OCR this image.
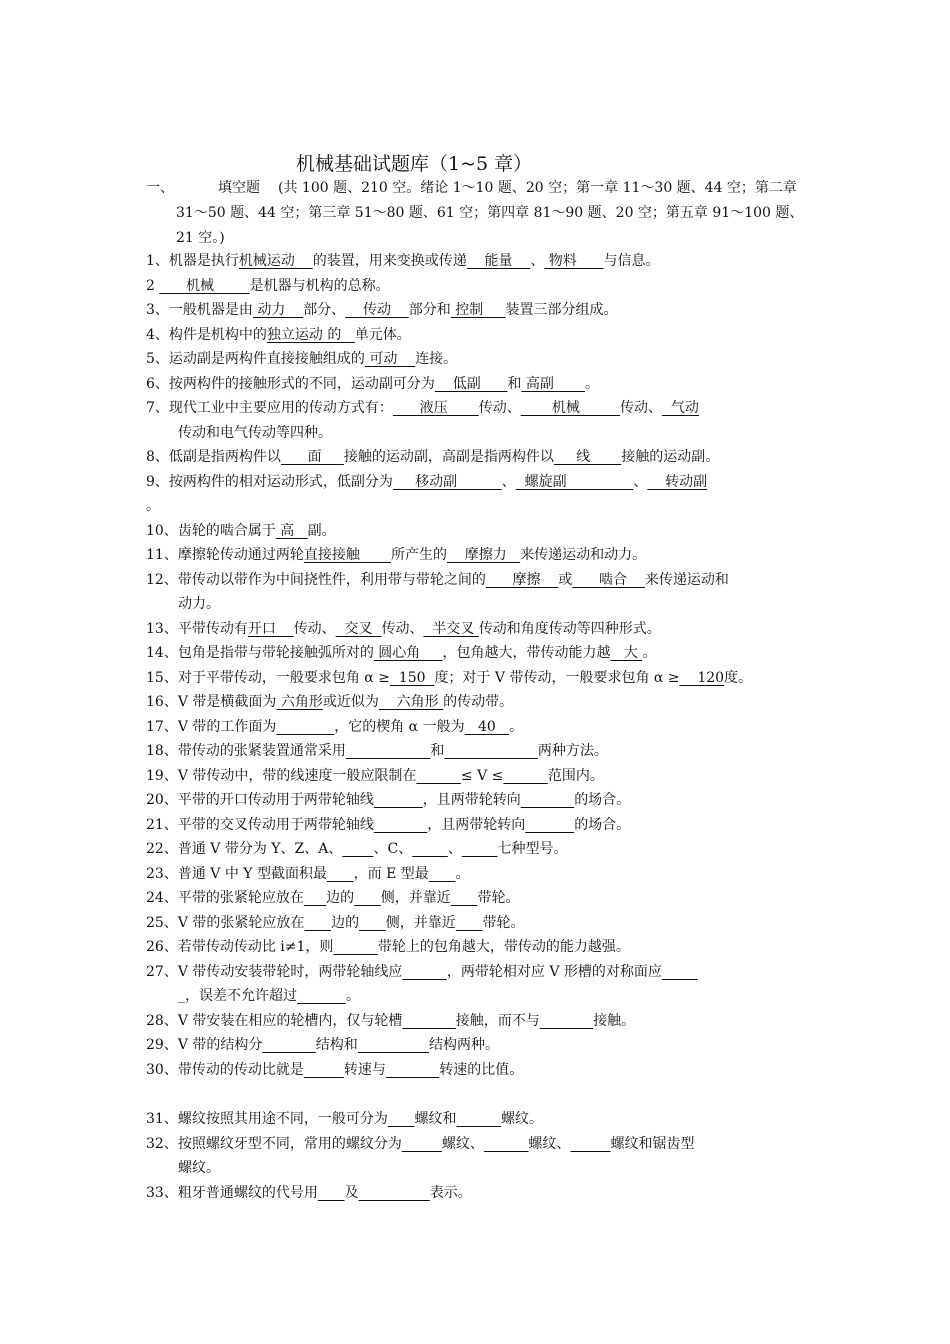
机械基础试题库（1~5 章）
一、	填空题 (共 100 题、210 空。绪论 1～10 题、20 空；第一章 11～30 题、44 空；第二章
31～50 题、44 空；第三章 51～80 题、61 空；第四章 81～90 题、20 空；第五章 91～100 题、
21 空。)
1、机器是执行机械运动    的装置，用来变换或传递    能量    、 物料      与信息。
2       机械        是机器与机构的总称。
3、一般机器是由 动力    部分、    传动    部分和 控制     装置三部分组成。
4、构件是机构中的独立运动 的   单元体。
5、运动副是两构件直接接触组成的 可动    连接。
6、按两构件的接触形式的不同，运动副可分为    低副      和 高副       。
7、现代工业中主要应用的传动方式有：      液压       传动、       机械         传动、  气动
传动和电气传动等四种。
8、低副是指两构件以      面     接触的运动副，高副是指两构件以     线       接触的运动副。
9、按两构件的相对运动形式，低副分为     移动副          、  螺旋副               、    转动副
。
10、齿轮的啮合属于 高   副。
11、摩擦轮传动通过两轮直接接触       所产生的    摩擦力   来传递运动和动力。
12、带传动以带作为中间挠性件，利用带与带轮之间的      摩擦    或      啮合    来传递运动和
动力。
13、平带传动有开口    传动、  交叉  传动、  半交叉 传动和角度传动等四种形式。
14、包角是指带与带轮接触弧所对的 圆心角     ，包角越大，带传动能力越   大 。
15、对于平带传动，一般要求包角 α ≥  150  度；对于 V 带传动，一般要求包角 α ≥    120度。
16、V 带是横截面为 六角形或近似为    六角形 的传动带。
17、V 带的工作面为	，它的楔角 α 一般为   40   。
18、带传动的张紧装置通常采用	和	两种方法。
19、V 带传动中，带的线速度一般应限制在	≤ V ≤	范围内。
20、平带的开口传动用于两带轮轴线	，且两带轮转向	的场合。
21、平带的交叉传动用于两带轮轴线	，且两带轮转向	的场合。
22、普通 V 带分为 Y、Z、A、 、C、	、	七种型号。
23、普通 V 中 Y 型截面积最 ，而 E 型最 。
24、平带的张紧轮应放在 边的 侧，并靠近 带轮。
25、V 带的张紧轮应放在 边的 侧，并靠近 带轮。
26、若带传动传动比 i≠1，则	带轮上的包角越大，带传动的能力越强。
27、V 带传动安装带轮时，两带轮轴线应	，两带轮相对应 V 形槽的对称面应
_，误差不允许超过	。
28、V 带安装在相应的轮槽内，仅与轮槽	接触，而不与	接触。
29、V 带的结构分	结构和	结构两种。
30、带传动的传动比就是	转速与	转速的比值。
31、螺纹按照其用途不同，一般可分为 螺纹和	螺纹。
32、按照螺纹牙型不同，常用的螺纹分为	螺纹、	螺纹、	螺纹和锯齿型
螺纹。
33、粗牙普通螺纹的代号用 及	表示。
